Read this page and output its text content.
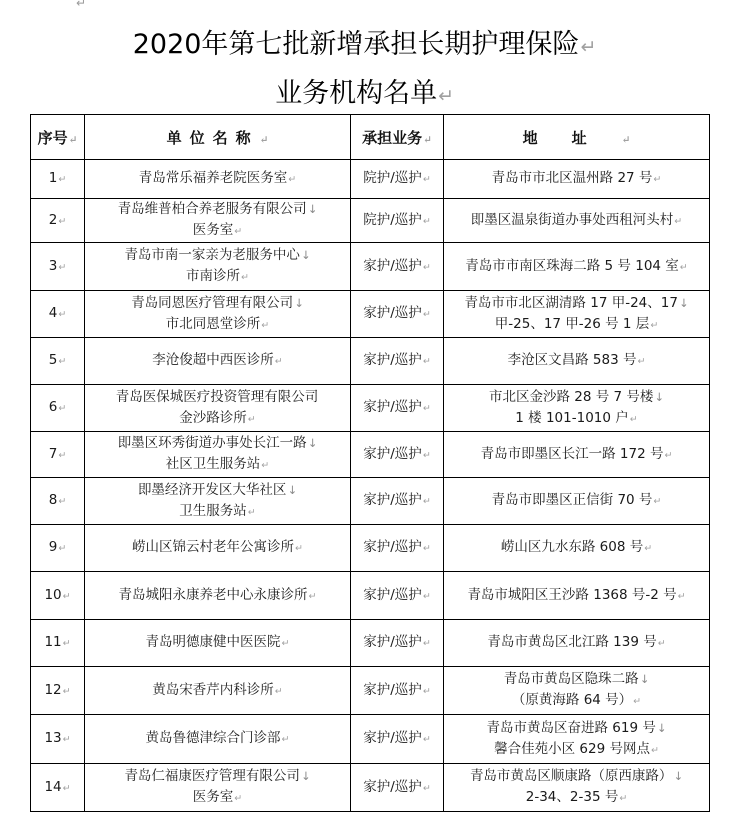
↵
2020年第七批新增承担长期护理保险↵
业务机构名单↵
序号↵	单位名称↵	承担业务↵	地址↵
1↵	青岛常乐福养老院医务室↵	院护/巡护↵	青岛市市北区温州路 27 号↵

2↵	青岛维普柏合养老服务有限公司↓
医务室↵	院护/巡护↵	即墨区温泉街道办事处西租河头村↵

3↵	青岛市南一家亲为老服务中心↓
市南诊所↵	家护/巡护↵	青岛市市南区珠海二路 5 号 104 室↵

4↵	青岛同恩医疗管理有限公司↓
市北同恩堂诊所↵	家护/巡护↵	青岛市市北区湖清路 17 甲-24、17↓
甲-25、17 甲-26 号 1 层↵

5↵	李沧俊超中西医诊所↵	家护/巡护↵	李沧区文昌路 583 号↵

6↵	青岛医保城医疗投资管理有限公司
金沙路诊所↵	家护/巡护↵	市北区金沙路 28 号 7 号楼↓
1 楼 101-1010 户↵

7↵	即墨区环秀街道办事处长江一路↓
社区卫生服务站↵	家护/巡护↵	青岛市即墨区长江一路 172 号↵

8↵	即墨经济开发区大华社区↓
卫生服务站↵	家护/巡护↵	青岛市即墨区正信街 70 号↵

9↵	崂山区锦云村老年公寓诊所↵	家护/巡护↵	崂山区九水东路 608 号↵

10↵	青岛城阳永康养老中心永康诊所↵	家护/巡护↵	青岛市城阳区王沙路 1368 号-2 号↵

11↵	青岛明德康健中医医院↵	家护/巡护↵	青岛市黄岛区北江路 139 号↵

12↵	黄岛宋香芹内科诊所↵	家护/巡护↵	青岛市黄岛区隐珠二路↓
（原黄海路 64 号）↵

13↵	黄岛鲁德津综合门诊部↵	家护/巡护↵	青岛市黄岛区奋进路 619 号↓
馨合佳苑小区 629 号网点↵

14↵	青岛仁福康医疗管理有限公司↓
医务室↵	家护/巡护↵	青岛市黄岛区顺康路（原西康路）↓
2-34、2-35 号↵
